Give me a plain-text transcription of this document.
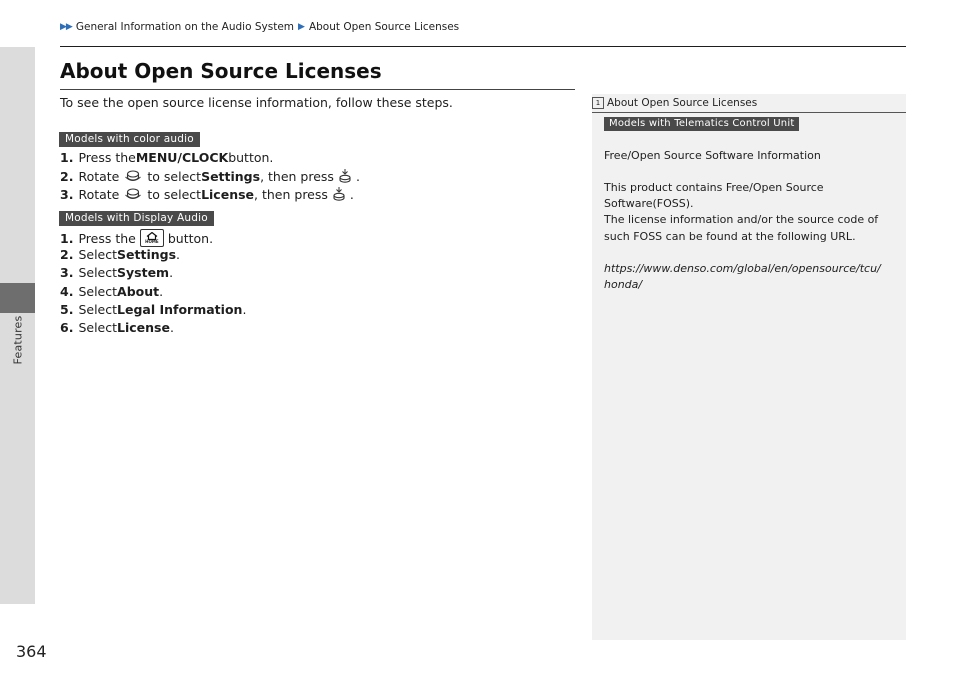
Features
364
▶▶ General Information on the Audio System ▶ About Open Source Licenses
About Open Source Licenses
To see the open source license information, follow these steps.
Models with color audio
1. Press the MENU/CLOCK button.
2. Rotate to select Settings , then press .
3. Rotate to select License , then press .
Models with Display Audio
1. Press the HOME button.
2. Select Settings .
3. Select System .
4. Select About .
5. Select Legal Information .
6. Select License .
1 About Open Source Licenses
Models with Telematics Control Unit
Free/Open Source Software Information
This product contains Free/Open Source
Software(FOSS).
The license information and/or the source code of
such FOSS can be found at the following URL.
https://www.denso.com/global/en/opensource/tcu/
honda/
